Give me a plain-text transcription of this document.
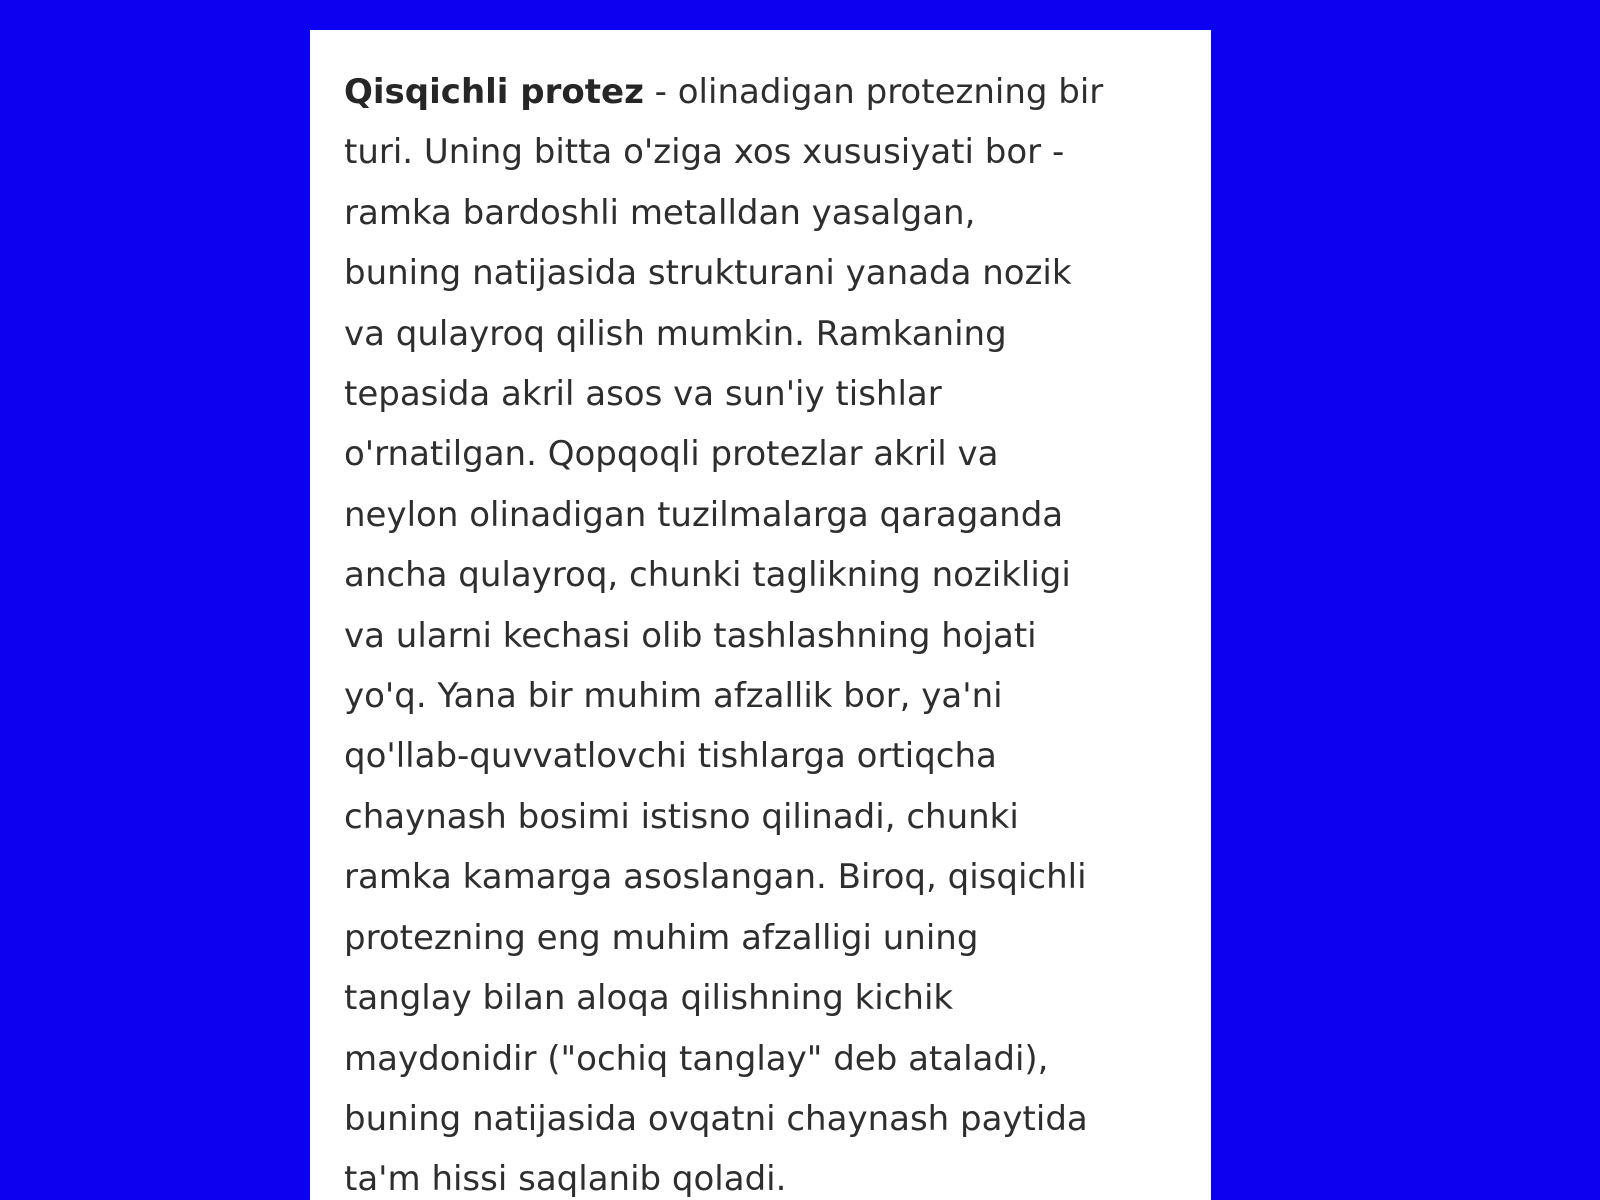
Qisqichli protez - olinadigan protezning bir
turi. Uning bitta o'ziga xos xususiyati bor -
ramka bardoshli metalldan yasalgan,
buning natijasida strukturani yanada nozik
va qulayroq qilish mumkin. Ramkaning
tepasida akril asos va sun'iy tishlar
o'rnatilgan. Qopqoqli protezlar akril va
neylon olinadigan tuzilmalarga qaraganda
ancha qulayroq, chunki taglikning nozikligi
va ularni kechasi olib tashlashning hojati
yo'q. Yana bir muhim afzallik bor, ya'ni
qo'llab-quvvatlovchi tishlarga ortiqcha
chaynash bosimi istisno qilinadi, chunki
ramka kamarga asoslangan. Biroq, qisqichli
protezning eng muhim afzalligi uning
tanglay bilan aloqa qilishning kichik
maydonidir ("ochiq tanglay" deb ataladi),
buning natijasida ovqatni chaynash paytida
ta'm hissi saqlanib qoladi.
